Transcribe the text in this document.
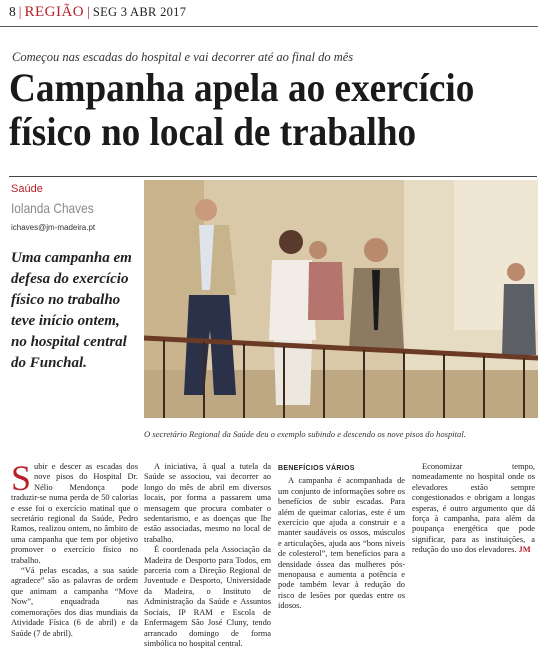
8 | REGIÃO | SEG 3 ABR 2017
Começou nas escadas do hospital e vai decorrer até ao final do mês
Campanha apela ao exercício físico no local de trabalho
Saúde
Iolanda Chaves
ichaves@jm-madeira.pt
Uma campanha em defesa do exercício físico no trabalho teve início ontem, no hospital central do Funchal.
O secretário Regional da Saúde deu o exemplo subindo e descendo os nove pisos do hospital.
S ubir e descer as escadas dos nove pisos do Hospital Dr. Nélio Mendonça pode traduzir-se numa perda de 50 calorias e esse foi o exercício matinal que o secretário regional da Saúde, Pedro Ramos, realizou ontem, no âmbito de uma campanha que tem por objetivo promover o exercício físico no trabalho.

“Vá pelas escadas, a sua saúde agradece” são as palavras de ordem que animam a campanha “Move Now”, enquadrada nas comemorações dos dias mundiais da Atividade Física (6 de abril) e da Saúde (7 de abril).

A iniciativa, à qual a tutela da Saúde se associou, vai decorrer ao longo do mês de abril em diversos locais, por forma a passarem uma mensagem que procura combater o sedentarismo, e as doenças que lhe estão associadas, mesmo no local de trabalho.

É coordenada pela Associação da Madeira de Desporto para Todos, em parceria com a Direção Regional de Juventude e Desporto, Universidade da Madeira, o Instituto de Administração da Saúde e Assuntos Sociais, IP RAM e Escola de Enfermagem São José Cluny, tendo arrancado domingo de forma simbólica no hospital central.

BENEFÍCIOS VÁRIOS

A campanha é acompanhada de um conjunto de informações sobre os benefícios de subir escadas. Para além de queimar calorias, este é um exercício que ajuda a construir e a manter saudáveis os ossos, músculos e articulações, ajuda aos “bons níveis de colesterol”, tem benefícios para a densidade óssea das mulheres pós-menopausa e aumenta a potência e pode também levar à redução do risco de lesões por quedas entre os idosos.

Economizar tempo, nomeadamente no hospital onde os elevadores estão sempre congestionados e obrigam a longas esperas, é outro argumento que dá força à campanha, para além da poupança energética que pode significar, para as instituições, a redução do uso dos elevadores. JM
